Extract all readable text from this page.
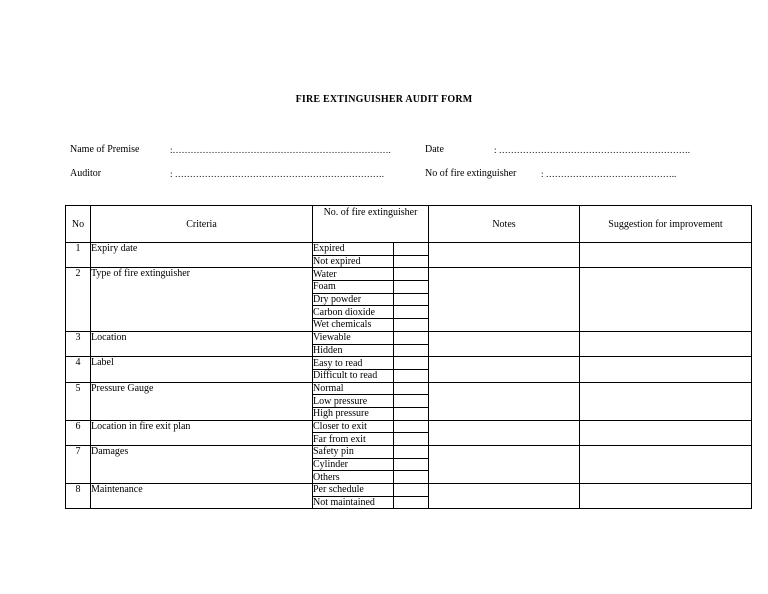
FIRE EXTINGUISHER AUDIT FORM
Name of Premise	:……………………………………………………………….	Date	: ……………………………………………………….
Auditor	: …………………………………………………………….	No of fire extinguisher	: ……………………………………..
No	Criteria	No. of fire extinguisher		Notes	Suggestion for improvement
1	Expiry date	Expired			
		Not expired			
2	Type of fire extinguisher	Water			
		Foam			
		Dry powder			
		Carbon dioxide			
		Wet chemicals			
3	Location	Viewable			
		Hidden			
4	Label	Easy to read			
		Difficult to read			
5	Pressure Gauge	Normal			
		Low pressure			
		High pressure			
6	Location in fire exit plan	Closer to exit			
		Far from exit			
7	Damages	Safety pin			
		Cylinder			
		Others			
8	Maintenance	Per schedule			
		Not maintained			
